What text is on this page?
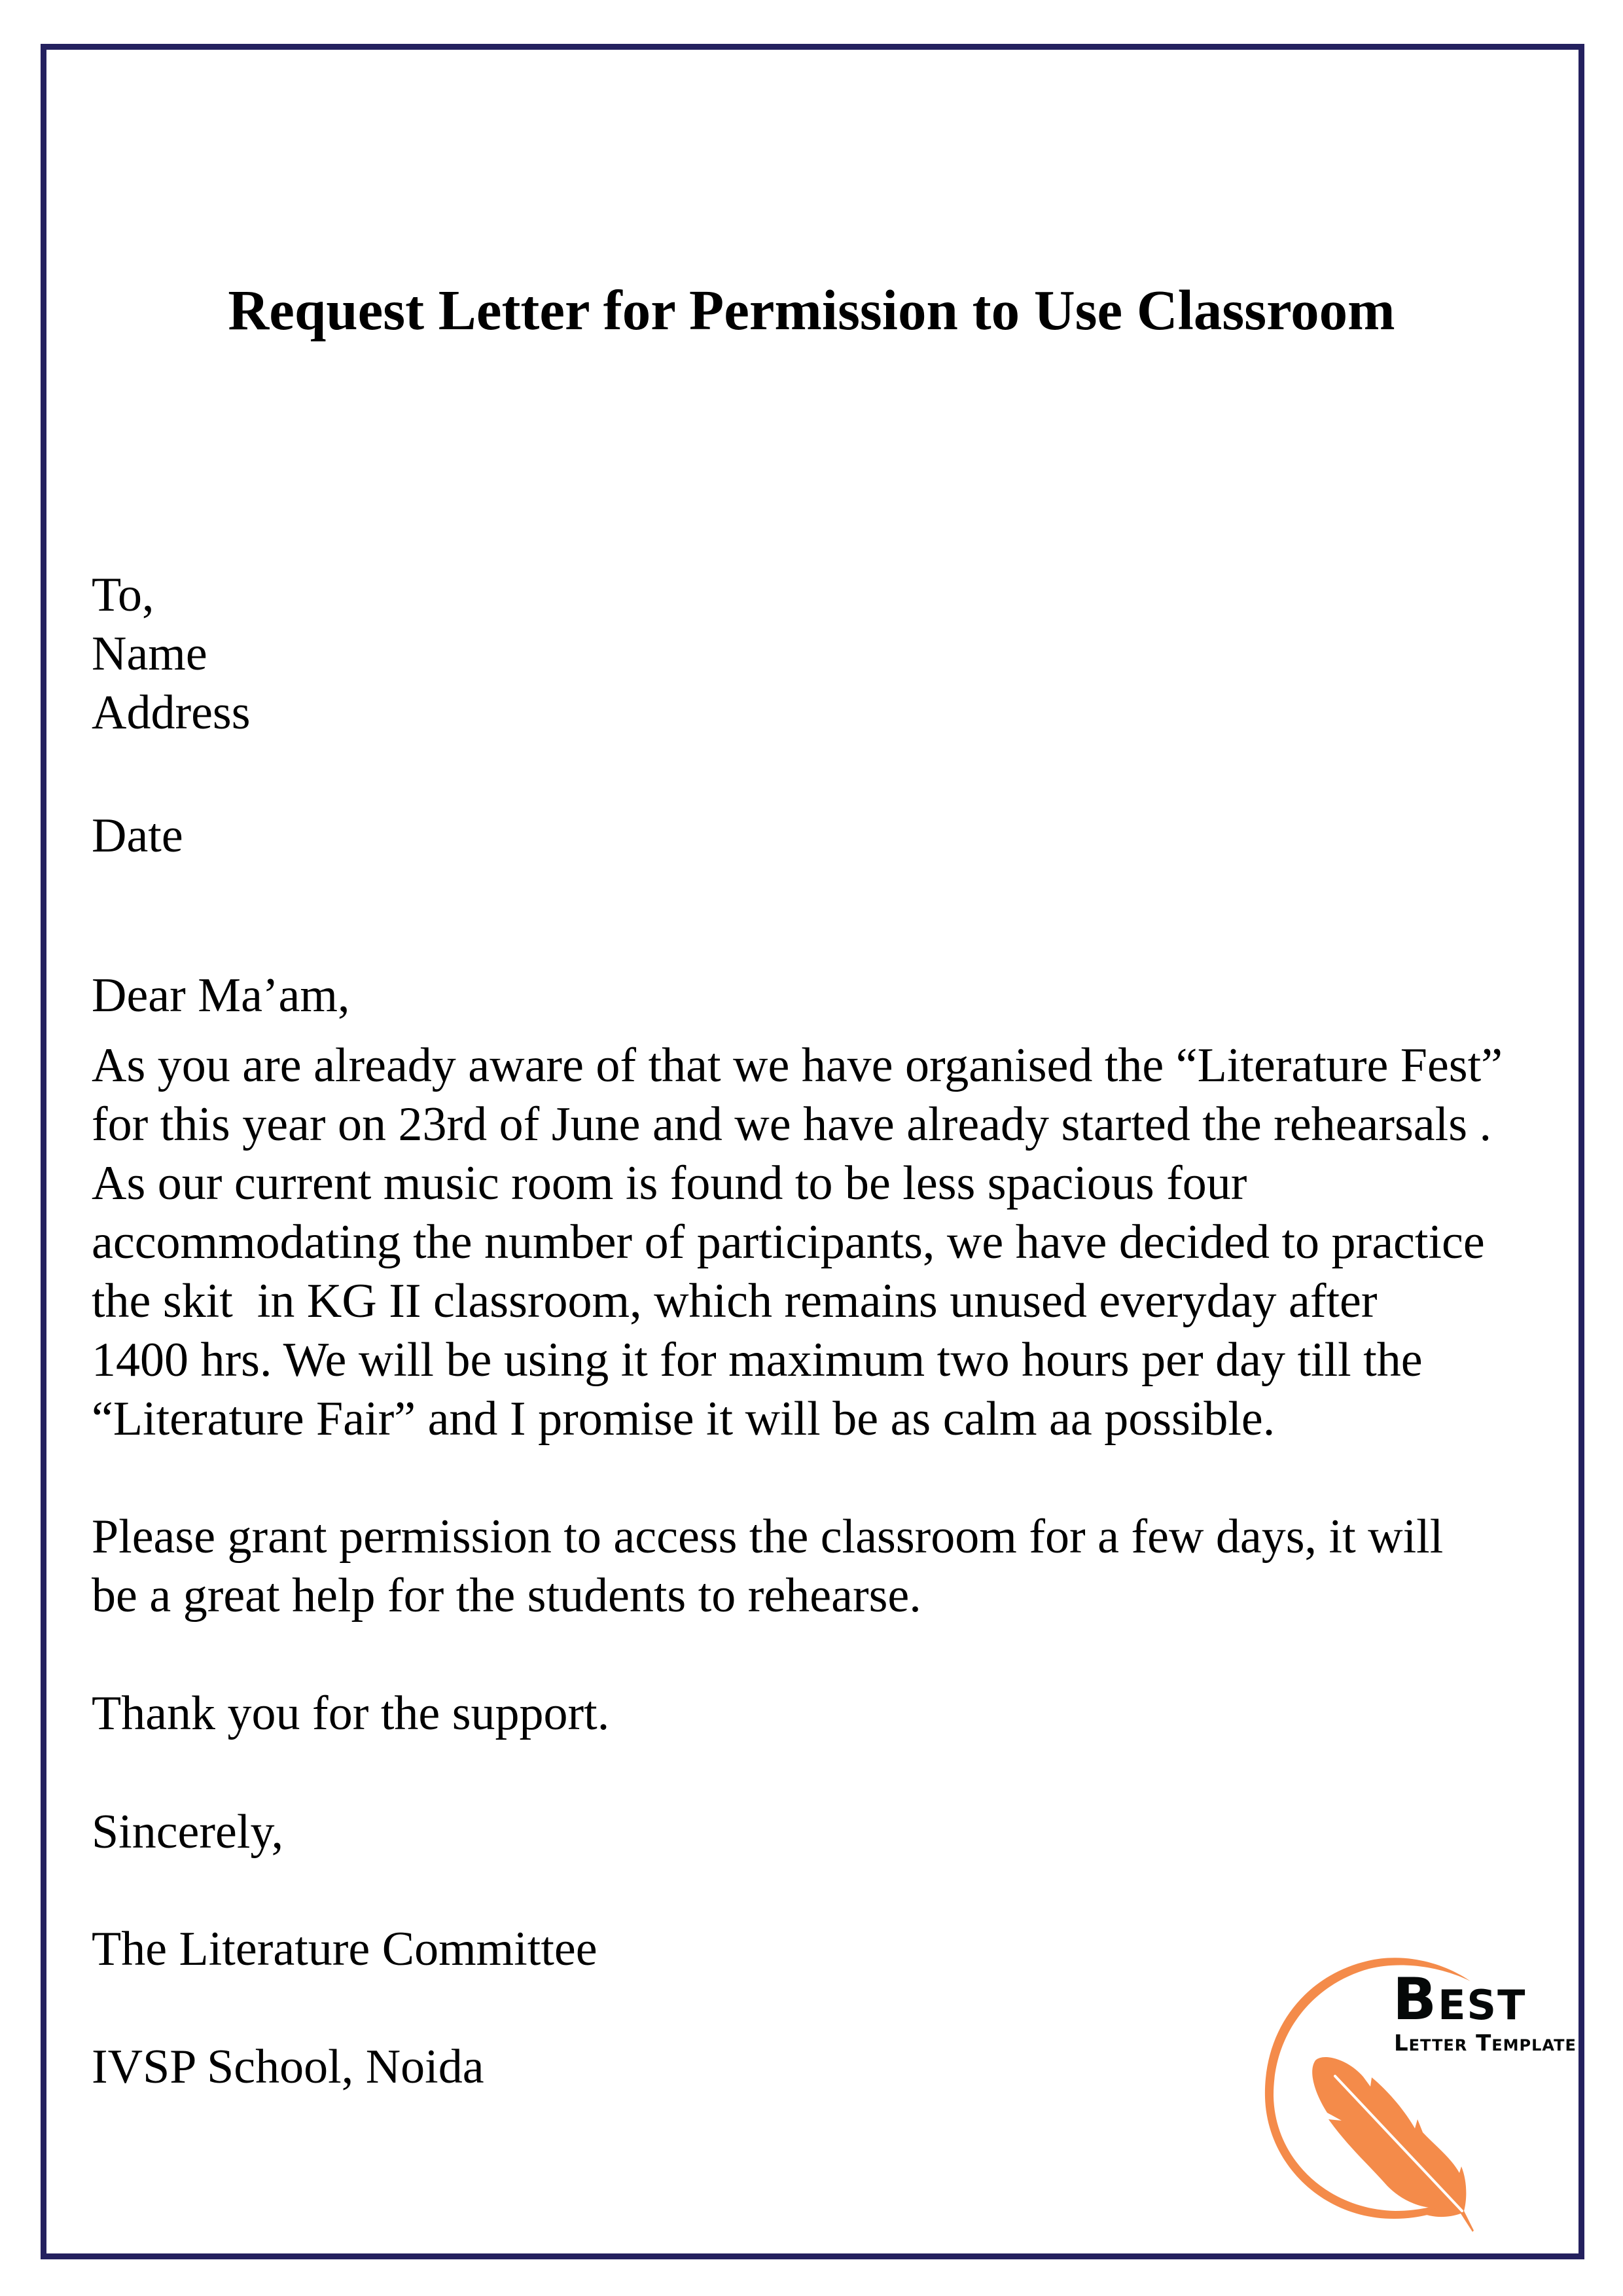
Request Letter for Permission to Use Classroom
To,
Name
Address
Date
Dear Ma’am,
As you are already aware of that we have organised the “Literature Fest”
for this year on 23rd of June and we have already started the rehearsals .
As our current music room is found to be less spacious four
accommodating the number of participants, we have decided to practice
the skit  in KG II classroom, which remains unused everyday after
1400 hrs. We will be using it for maximum two hours per day till the
“Literature Fair” and I promise it will be as calm aa possible.
Please grant permission to access the classroom for a few days, it will
be a great help for the students to rehearse.
Thank you for the support.
Sincerely,
The Literature Committee
IVSP School, Noida
Best
Letter Template
